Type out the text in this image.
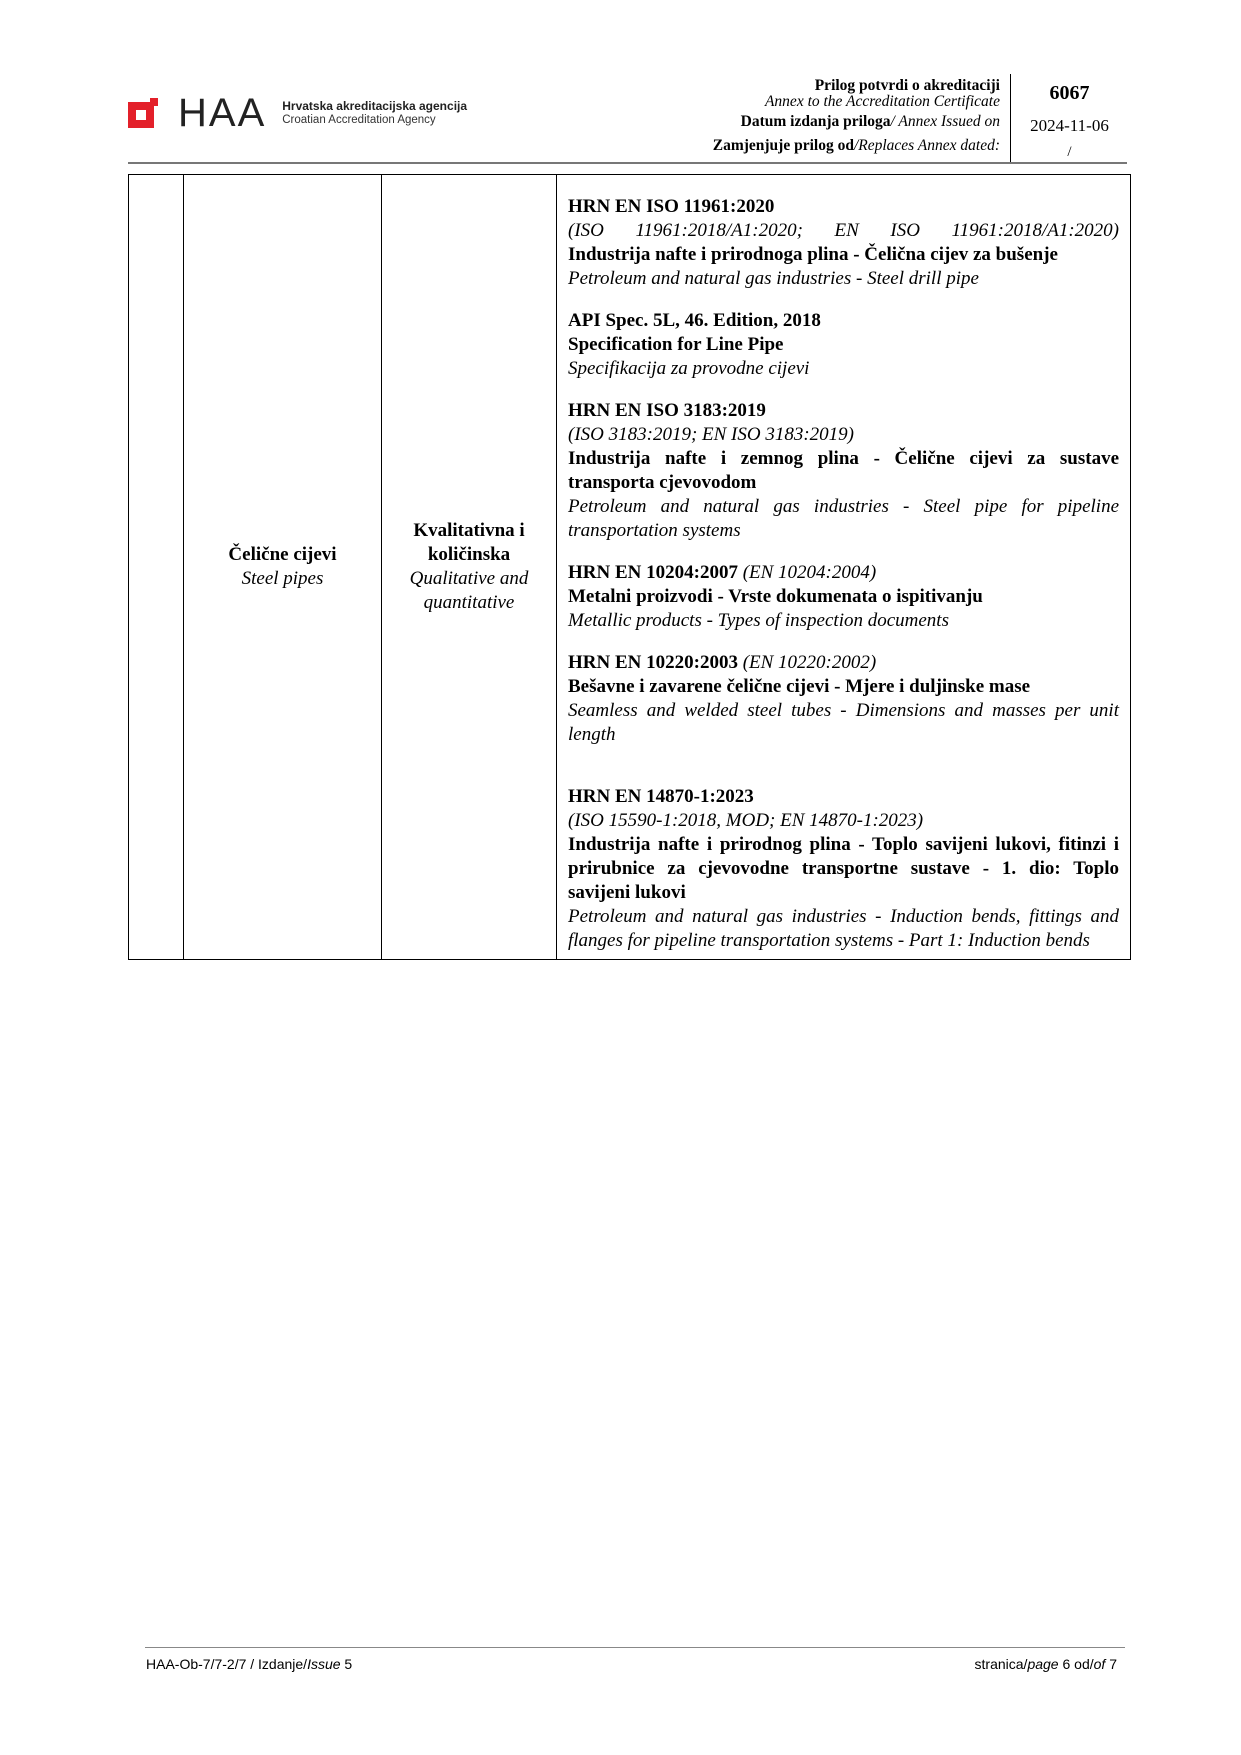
HAA Hrvatska akreditacijska agencija
Croatian Accreditation Agency
Prilog potvrdi o akreditaciji
Annex to the Accreditation Certificate
Datum izdanja priloga/ Annex Issued on
Zamjenjuje prilog od/Replaces Annex dated:
6067
2024-11-06
/

Čelične cijevi
Steel pipes

Kvalitativna i
količinska
Qualitative and
quantitative

HRN EN ISO 11961:2020
(ISO 11961:2018/A1:2020; EN ISO 11961:2018/A1:2020)
Industrija nafte i prirodnoga plina - Čelična cijev za bušenje
Petroleum and natural gas industries - Steel drill pipe
API Spec. 5L, 46. Edition, 2018
Specification for Line Pipe
Specifikacija za provodne cijevi
HRN EN ISO 3183:2019
(ISO 3183:2019; EN ISO 3183:2019)
Industrija nafte i zemnog plina - Čelične cijevi za sustave transporta cjevovodom
Petroleum and natural gas industries - Steel pipe for pipeline transportation systems
HRN EN 10204:2007 (EN 10204:2004)
Metalni proizvodi - Vrste dokumenata o ispitivanju
Metallic products - Types of inspection documents
HRN EN 10220:2003 (EN 10220:2002)
Bešavne i zavarene čelične cijevi - Mjere i duljinske mase
Seamless and welded steel tubes - Dimensions and masses per unit length
HRN EN 14870-1:2023
(ISO 15590-1:2018, MOD; EN 14870-1:2023)
Industrija nafte i prirodnog plina - Toplo savijeni lukovi, fitinzi i prirubnice za cjevovodne transportne sustave - 1. dio: Toplo savijeni lukovi
Petroleum and natural gas industries - Induction bends, fittings and flanges for pipeline transportation systems - Part 1: Induction bends
HAA-Ob-7/7-2/7 / Izdanje/Issue 5	stranica/page 6 od/of 7
